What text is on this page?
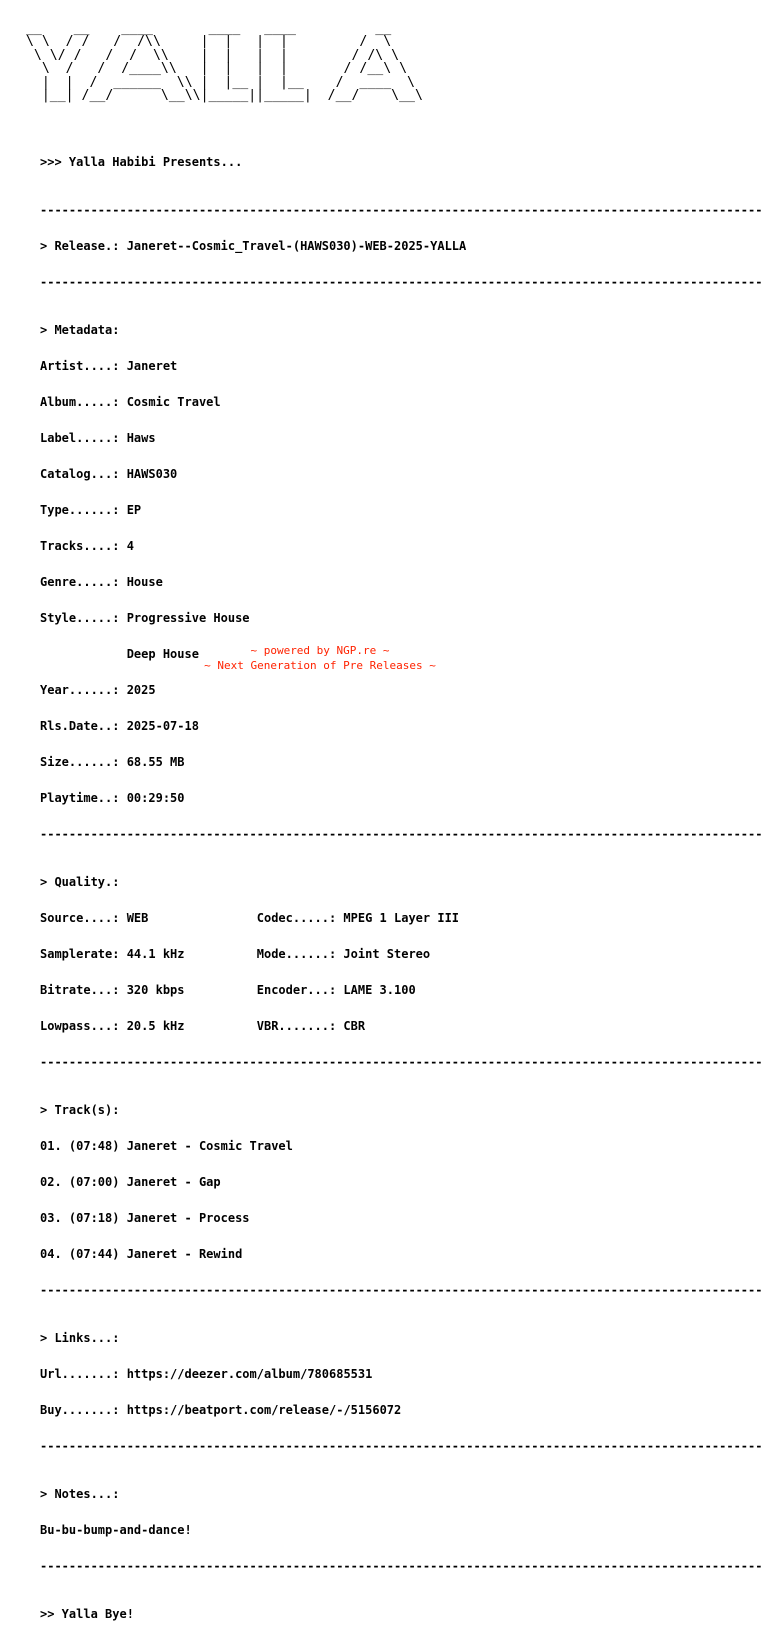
__    __    ____       ____   ____          __
\ \  / /   /  /\\     |  |   |  |         /  \
\ \/ /   /  /  \\    |  |   |  |        / /\ \
\  /   /  /____\\   |  |   |  |       / /__\ \
|  |  /  ______  \\ |  |__ |  |__    /  ____  \
|__| /__/      \__\\|_____||_____|  /__/    \__\

>>> Yalla Habibi Presents...

----------------------------------------------------------------------------------------------------

> Release.: Janeret--Cosmic_Travel-(HAWS030)-WEB-2025-YALLA

----------------------------------------------------------------------------------------------------

> Metadata:

Artist....: Janeret

Album.....: Cosmic Travel

Label.....: Haws

Catalog...: HAWS030

Type......: EP

Tracks....: 4

Genre.....: House

Style.....: Progressive House

Deep House

Year......: 2025

Rls.Date..: 2025-07-18

Size......: 68.55 MB

Playtime..: 00:29:50

----------------------------------------------------------------------------------------------------

> Quality.:

Source....: WEB               Codec.....: MPEG 1 Layer III

Samplerate: 44.1 kHz          Mode......: Joint Stereo

Bitrate...: 320 kbps          Encoder...: LAME 3.100

Lowpass...: 20.5 kHz          VBR.......: CBR

----------------------------------------------------------------------------------------------------

> Track(s):

01. (07:48) Janeret - Cosmic Travel

02. (07:00) Janeret - Gap

03. (07:18) Janeret - Process

04. (07:44) Janeret - Rewind

----------------------------------------------------------------------------------------------------

> Links...:

Url.......: https://deezer.com/album/780685531

Buy.......: https://beatport.com/release/-/5156072

----------------------------------------------------------------------------------------------------

> Notes...:

Bu-bu-bump-and-dance!

----------------------------------------------------------------------------------------------------

>> Yalla Bye!

~ powered by NGP.re ~
~ Next Generation of Pre Releases ~
